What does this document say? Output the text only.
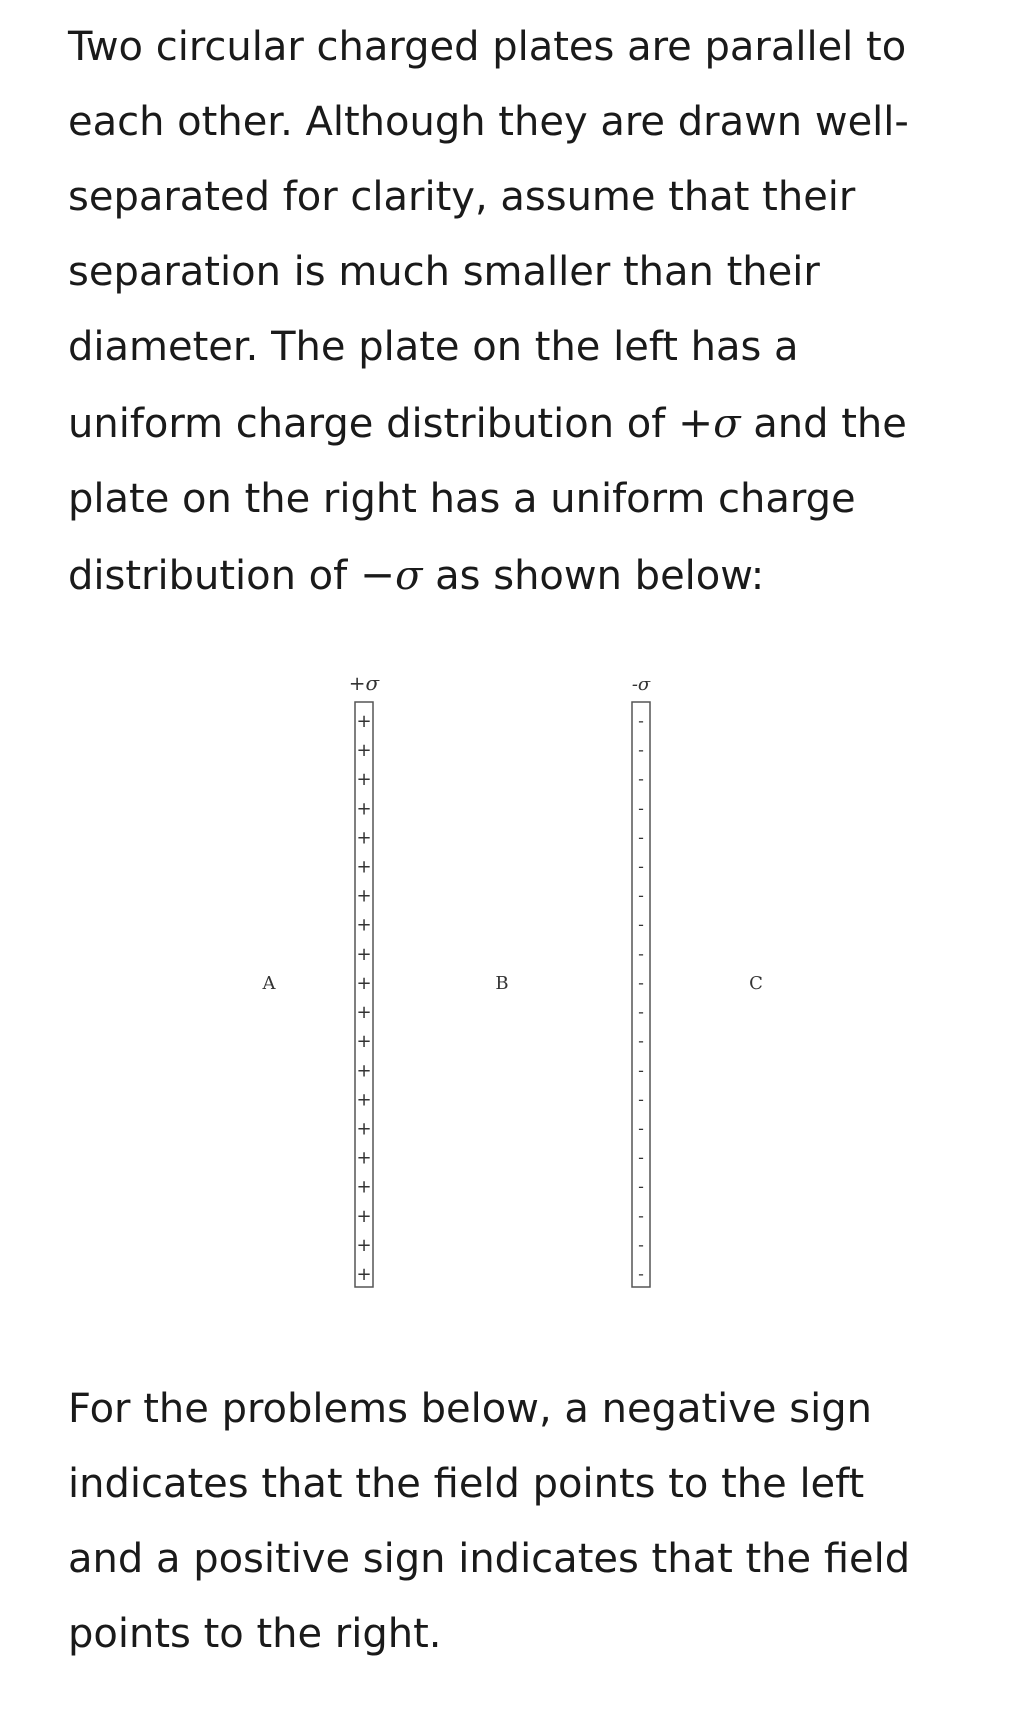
Two circular charged plates are parallel to each other. Although they are drawn well-separated for clarity, assume that their separation is much smaller than their diameter. The plate on the left has a uniform charge distribution of +σ and the plate on the right has a uniform charge distribution of −σ as shown below:

+σ	-σ
+
+
+
+
+
+
+
+
+
+
+
+
+
+
+
+
+
+
+
+
-
-
-
-
-
-
-
-
-
-
-
-
-
-
-
-
-
-
-
-
A	B	C

For the problems below, a negative sign indicates that the field points to the left and a positive sign indicates that the field points to the right.
